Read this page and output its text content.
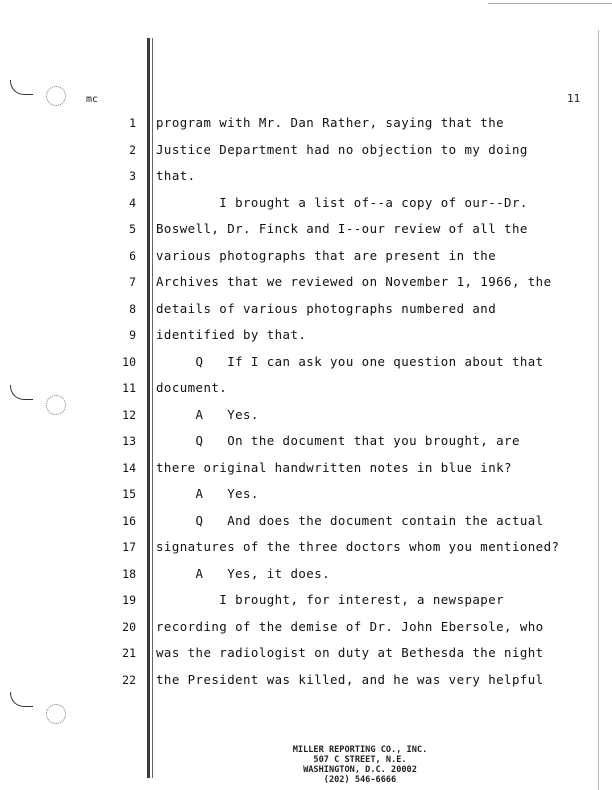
mc	11
1 program with Mr. Dan Rather, saying that the
2 Justice Department had no objection to my doing
3 that.
4 I brought a list of--a copy of our--Dr.
5 Boswell, Dr. Finck and I--our review of all the
6 various photographs that are present in the
7 Archives that we reviewed on November 1, 1966, the
8 details of various photographs numbered and
9 identified by that.
10 Q   If I can ask you one question about that
11 document.
12 A   Yes.
13 Q   On the document that you brought, are
14 there original handwritten notes in blue ink?
15 A   Yes.
16 Q   And does the document contain the actual
17 signatures of the three doctors whom you mentioned?
18 A   Yes, it does.
19 I brought, for interest, a newspaper
20 recording of the demise of Dr. John Ebersole, who
21 was the radiologist on duty at Bethesda the night
22 the President was killed, and he was very helpful
MILLER REPORTING CO., INC.
507 C STREET, N.E.
WASHINGTON, D.C. 20002
(202) 546-6666
